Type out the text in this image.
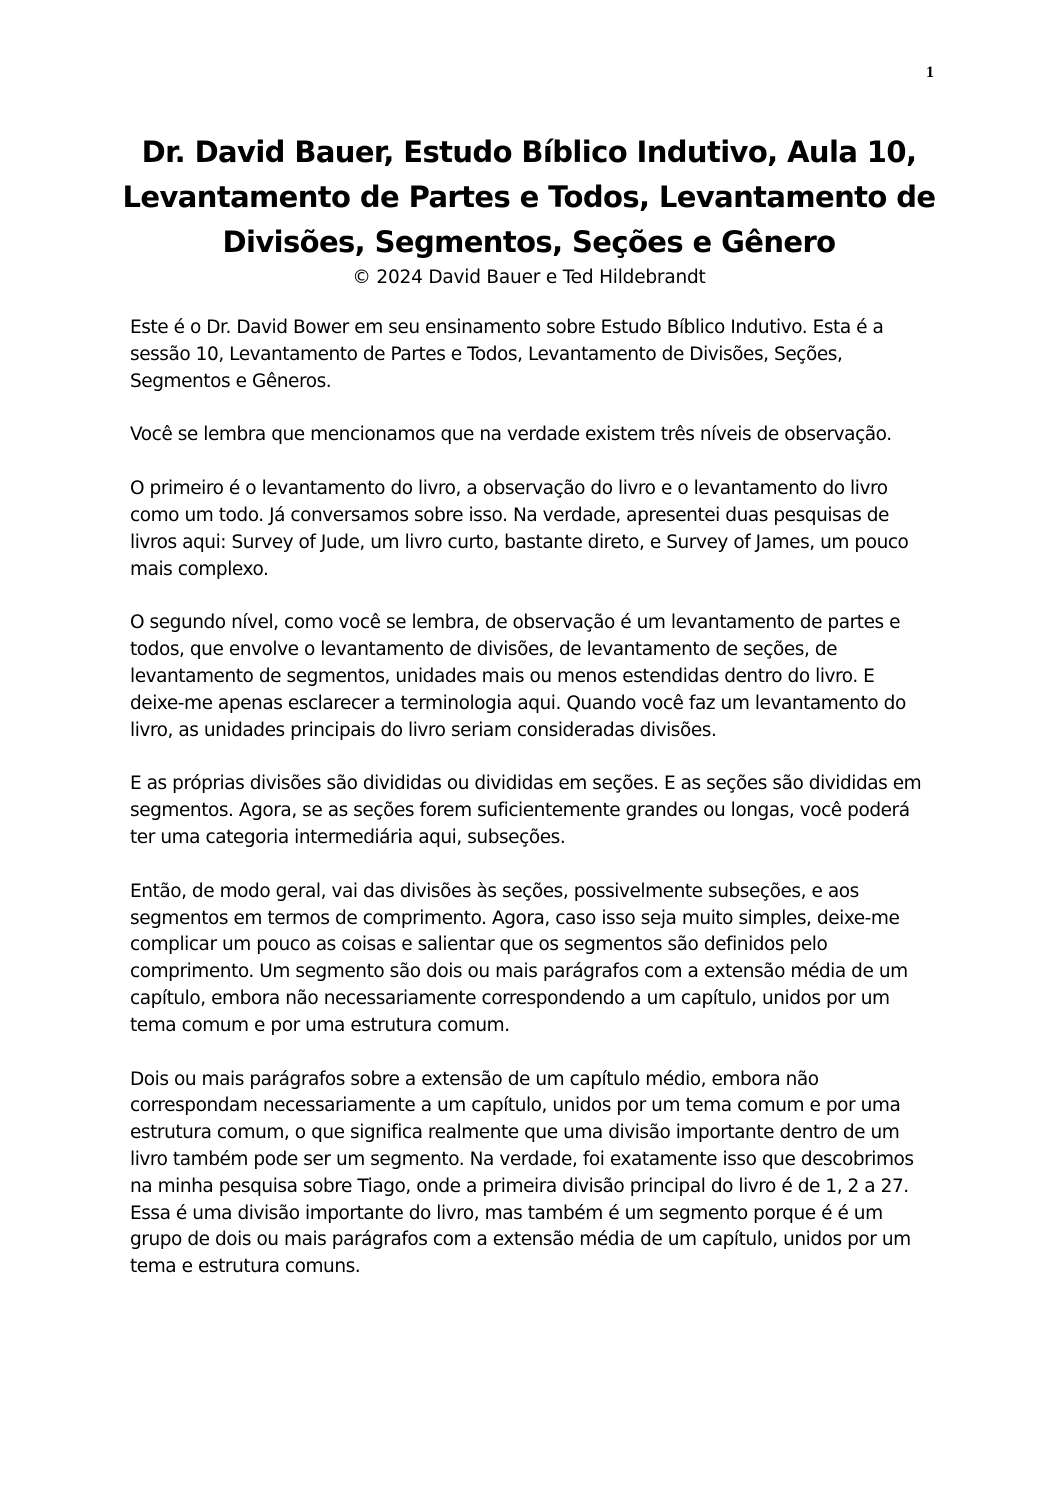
1
Dr. David Bauer, Estudo Bíblico Indutivo, Aula 10,
Levantamento de Partes e Todos, Levantamento de
Divisões, Segmentos, Seções e Gênero

© 2024 David Bauer e Ted Hildebrandt

Este é o Dr. David Bower em seu ensinamento sobre Estudo Bíblico Indutivo. Esta é a sessão 10, Levantamento de Partes e Todos, Levantamento de Divisões, Seções, Segmentos e Gêneros.

Você se lembra que mencionamos que na verdade existem três níveis de observação.

O primeiro é o levantamento do livro, a observação do livro e o levantamento do livro como um todo. Já conversamos sobre isso. Na verdade, apresentei duas pesquisas de livros aqui: Survey of Jude, um livro curto, bastante direto, e Survey of James, um pouco mais complexo.

O segundo nível, como você se lembra, de observação é um levantamento de partes e todos, que envolve o levantamento de divisões, de levantamento de seções, de levantamento de segmentos, unidades mais ou menos estendidas dentro do livro. E deixe-me apenas esclarecer a terminologia aqui. Quando você faz um levantamento do livro, as unidades principais do livro seriam consideradas divisões.

E as próprias divisões são divididas ou divididas em seções. E as seções são divididas em segmentos. Agora, se as seções forem suficientemente grandes ou longas, você poderá ter uma categoria intermediária aqui, subseções.

Então, de modo geral, vai das divisões às seções, possivelmente subseções, e aos segmentos em termos de comprimento. Agora, caso isso seja muito simples, deixe-me complicar um pouco as coisas e salientar que os segmentos são definidos pelo comprimento. Um segmento são dois ou mais parágrafos com a extensão média de um capítulo, embora não necessariamente correspondendo a um capítulo, unidos por um tema comum e por uma estrutura comum.

Dois ou mais parágrafos sobre a extensão de um capítulo médio, embora não correspondam necessariamente a um capítulo, unidos por um tema comum e por uma estrutura comum, o que significa realmente que uma divisão importante dentro de um livro também pode ser um segmento. Na verdade, foi exatamente isso que descobrimos na minha pesquisa sobre Tiago, onde a primeira divisão principal do livro é de 1, 2 a 27. Essa é uma divisão importante do livro, mas também é um segmento porque é é um grupo de dois ou mais parágrafos com a extensão média de um capítulo, unidos por um tema e estrutura comuns.
